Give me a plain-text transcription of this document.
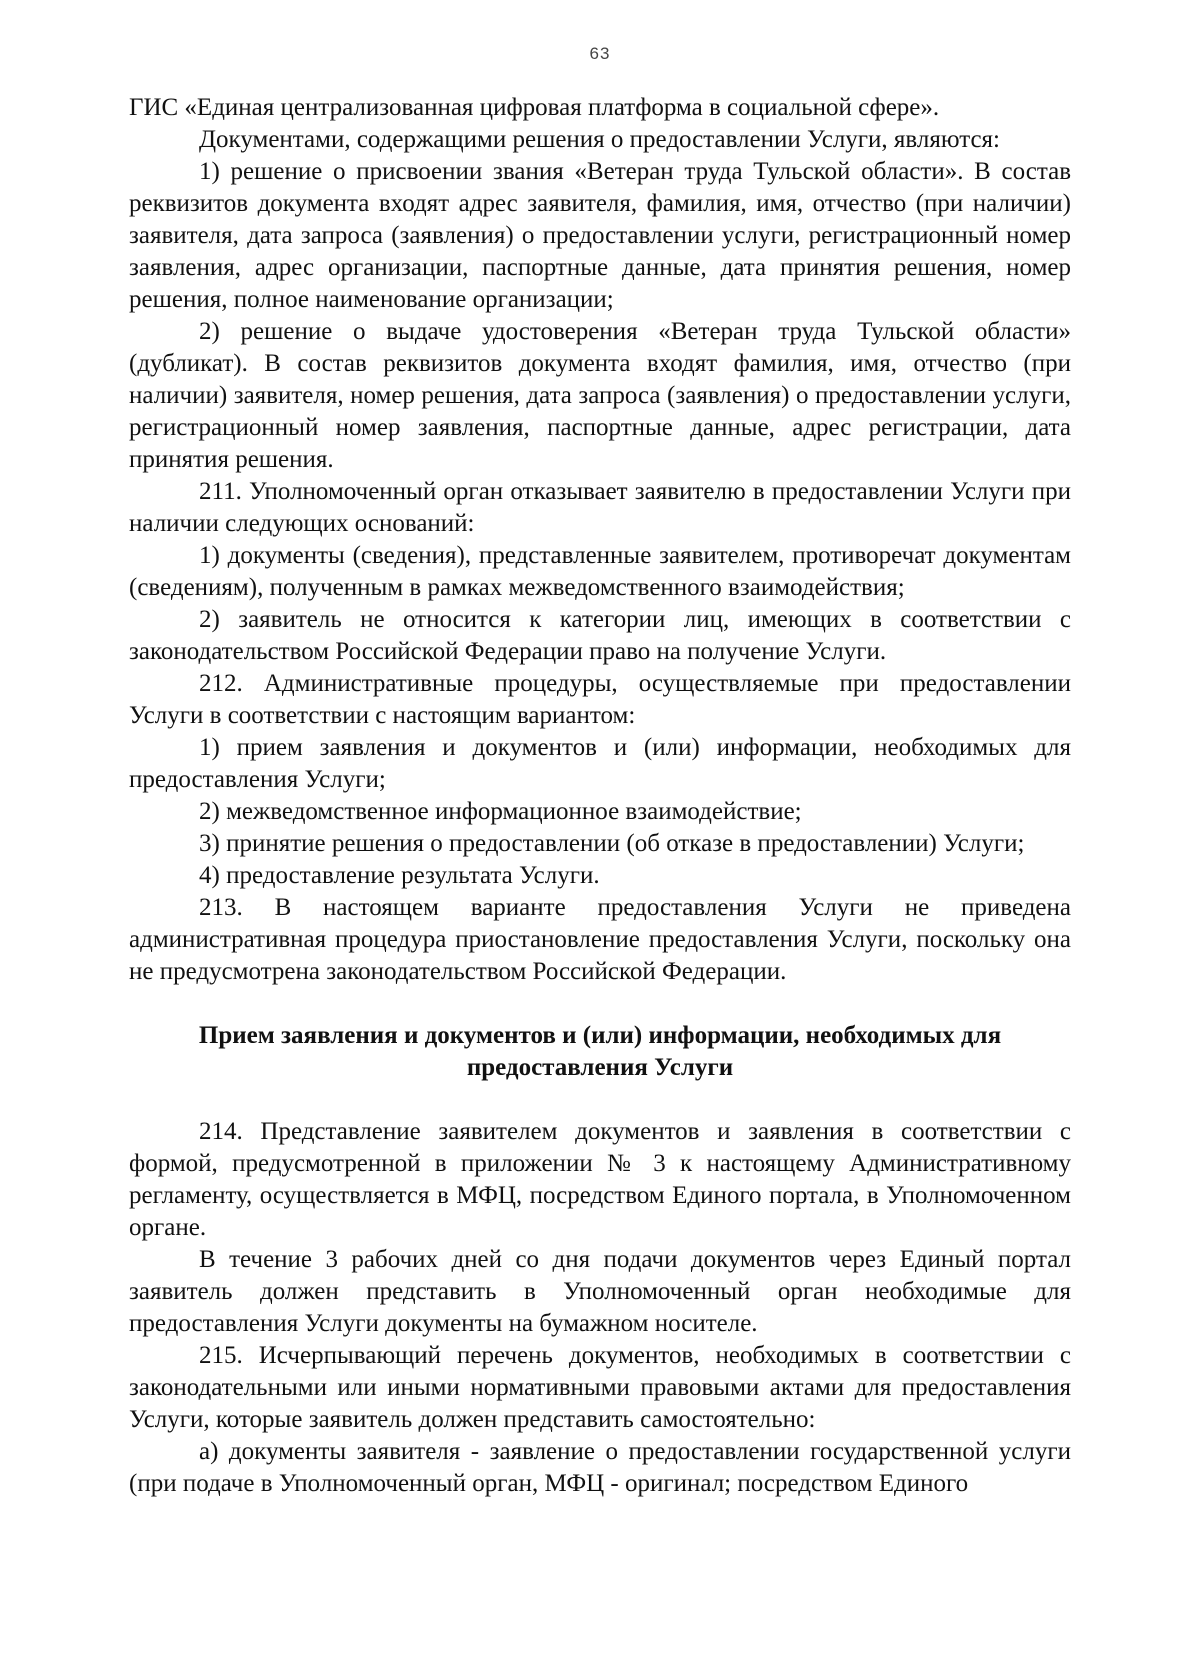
63

ГИС «Единая централизованная цифровая платформа в социальной сфере».

Документами, содержащими решения о предоставлении Услуги, являются:

1) решение о присвоении звания «Ветеран труда Тульской области». В состав реквизитов документа входят адрес заявителя, фамилия, имя, отчество (при наличии) заявителя, дата запроса (заявления) о предоставлении услуги, регистрационный номер заявления, адрес организации, паспортные данные, дата принятия решения, номер решения, полное наименование организации;

2) решение о выдаче удостоверения «Ветеран труда Тульской области» (дубликат). В состав реквизитов документа входят фамилия, имя, отчество (при наличии) заявителя, номер решения, дата запроса (заявления) о предоставлении услуги, регистрационный номер заявления, паспортные данные, адрес регистрации, дата принятия решения.

211. Уполномоченный орган отказывает заявителю в предоставлении Услуги при наличии следующих оснований:

1) документы (сведения), представленные заявителем, противоречат документам (сведениям), полученным в рамках межведомственного взаимодействия;

2) заявитель не относится к категории лиц, имеющих в соответствии с законодательством Российской Федерации право на получение Услуги.

212. Административные процедуры, осуществляемые при предоставлении Услуги в соответствии с настоящим вариантом:

1) прием заявления и документов и (или) информации, необходимых для предоставления Услуги;

2) межведомственное информационное взаимодействие;

3) принятие решения о предоставлении (об отказе в предоставлении) Услуги;

4) предоставление результата Услуги.

213. В настоящем варианте предоставления Услуги не приведена административная процедура приостановление предоставления Услуги, поскольку она не предусмотрена законодательством Российской Федерации.

Прием заявления и документов и (или) информации, необходимых для предоставления Услуги

214. Представление заявителем документов и заявления в соответствии с формой, предусмотренной в приложении № 3 к настоящему Административному регламенту, осуществляется в МФЦ, посредством Единого портала, в Уполномоченном органе.

В течение 3 рабочих дней со дня подачи документов через Единый портал заявитель должен представить в Уполномоченный орган необходимые для предоставления Услуги документы на бумажном носителе.

215. Исчерпывающий перечень документов, необходимых в соответствии с законодательными или иными нормативными правовыми актами для предоставления Услуги, которые заявитель должен представить самостоятельно:

а) документы заявителя - заявление о предоставлении государственной услуги (при подаче в Уполномоченный орган, МФЦ - оригинал; посредством Единого
